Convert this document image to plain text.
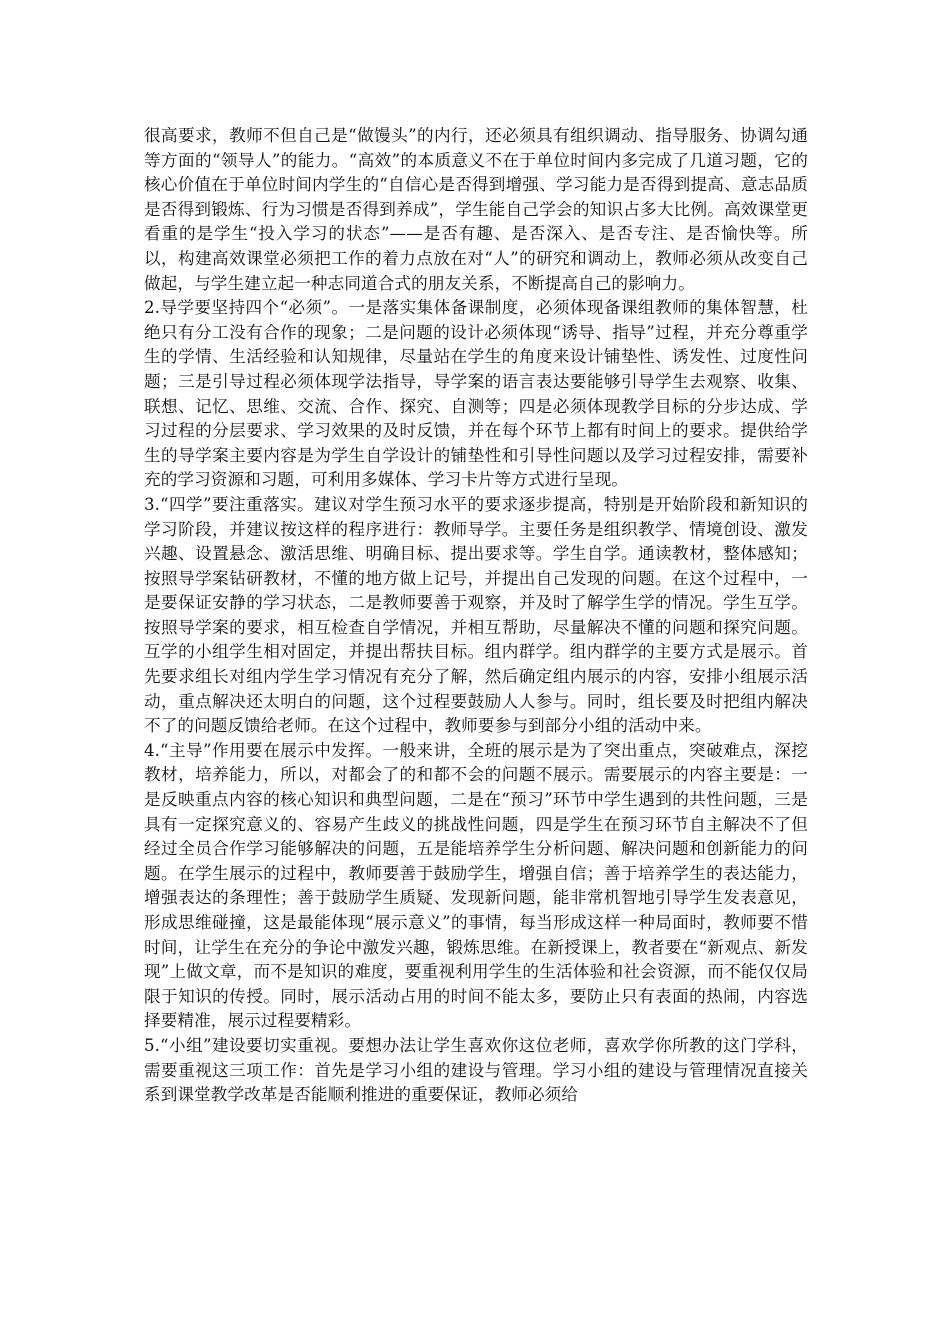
很高要求，教师不但自己是“做馒头”的内行，还必须具有组织调动、指导服务、协调勾通等方面的“领导人”的能力。“高效”的本质意义不在于单位时间内多完成了几道习题，它的核心价值在于单位时间内学生的“自信心是否得到增强、学习能力是否得到提高、意志品质是否得到锻炼、行为习惯是否得到养成”，学生能自己学会的知识占多大比例。高效课堂更看重的是学生“投入学习的状态”——是否有趣、是否深入、是否专注、是否愉快等。所以，构建高效课堂必须把工作的着力点放在对“人”的研究和调动上，教师必须从改变自己做起，与学生建立起一种志同道合式的朋友关系，不断提高自己的影响力。

2.导学要坚持四个“必须”。一是落实集体备课制度，必须体现备课组教师的集体智慧，杜绝只有分工没有合作的现象；二是问题的设计必须体现“诱导、指导”过程，并充分尊重学生的学情、生活经验和认知规律，尽量站在学生的角度来设计铺垫性、诱发性、过度性问题；三是引导过程必须体现学法指导，导学案的语言表达要能够引导学生去观察、收集、联想、记忆、思维、交流、合作、探究、自测等；四是必须体现教学目标的分步达成、学习过程的分层要求、学习效果的及时反馈，并在每个环节上都有时间上的要求。提供给学生的导学案主要内容是为学生自学设计的铺垫性和引导性问题以及学习过程安排，需要补充的学习资源和习题，可利用多媒体、学习卡片等方式进行呈现。

3.“四学”要注重落实。建议对学生预习水平的要求逐步提高，特别是开始阶段和新知识的学习阶段，并建议按这样的程序进行：教师导学。主要任务是组织教学、情境创设、激发兴趣、设置悬念、激活思维、明确目标、提出要求等。学生自学。通读教材，整体感知；按照导学案钻研教材，不懂的地方做上记号，并提出自己发现的问题。在这个过程中，一是要保证安静的学习状态，二是教师要善于观察，并及时了解学生学的情况。学生互学。按照导学案的要求，相互检查自学情况，并相互帮助，尽量解决不懂的问题和探究问题。互学的小组学生相对固定，并提出帮扶目标。组内群学。组内群学的主要方式是展示。首先要求组长对组内学生学习情况有充分了解，然后确定组内展示的内容，安排小组展示活动，重点解决还太明白的问题，这个过程要鼓励人人参与。同时，组长要及时把组内解决不了的问题反馈给老师。在这个过程中，教师要参与到部分小组的活动中来。

4.“主导”作用要在展示中发挥。一般来讲，全班的展示是为了突出重点，突破难点，深挖教材，培养能力，所以，对都会了的和都不会的问题不展示。需要展示的内容主要是：一是反映重点内容的核心知识和典型问题，二是在“预习”环节中学生遇到的共性问题，三是具有一定探究意义的、容易产生歧义的挑战性问题，四是学生在预习环节自主解决不了但经过全员合作学习能够解决的问题，五是能培养学生分析问题、解决问题和创新能力的问题。在学生展示的过程中，教师要善于鼓励学生，增强自信；善于培养学生的表达能力，增强表达的条理性；善于鼓励学生质疑、发现新问题，能非常机智地引导学生发表意见，形成思维碰撞，这是最能体现“展示意义”的事情，每当形成这样一种局面时，教师要不惜时间，让学生在充分的争论中激发兴趣，锻炼思维。在新授课上，教者要在“新观点、新发现”上做文章，而不是知识的难度，要重视利用学生的生活体验和社会资源，而不能仅仅局限于知识的传授。同时，展示活动占用的时间不能太多，要防止只有表面的热闹，内容选择要精准，展示过程要精彩。

5.“小组”建设要切实重视。要想办法让学生喜欢你这位老师，喜欢学你所教的这门学科，需要重视这三项工作：首先是学习小组的建设与管理。学习小组的建设与管理情况直接关系到课堂教学改革是否能顺利推进的重要保证，教师必须给
